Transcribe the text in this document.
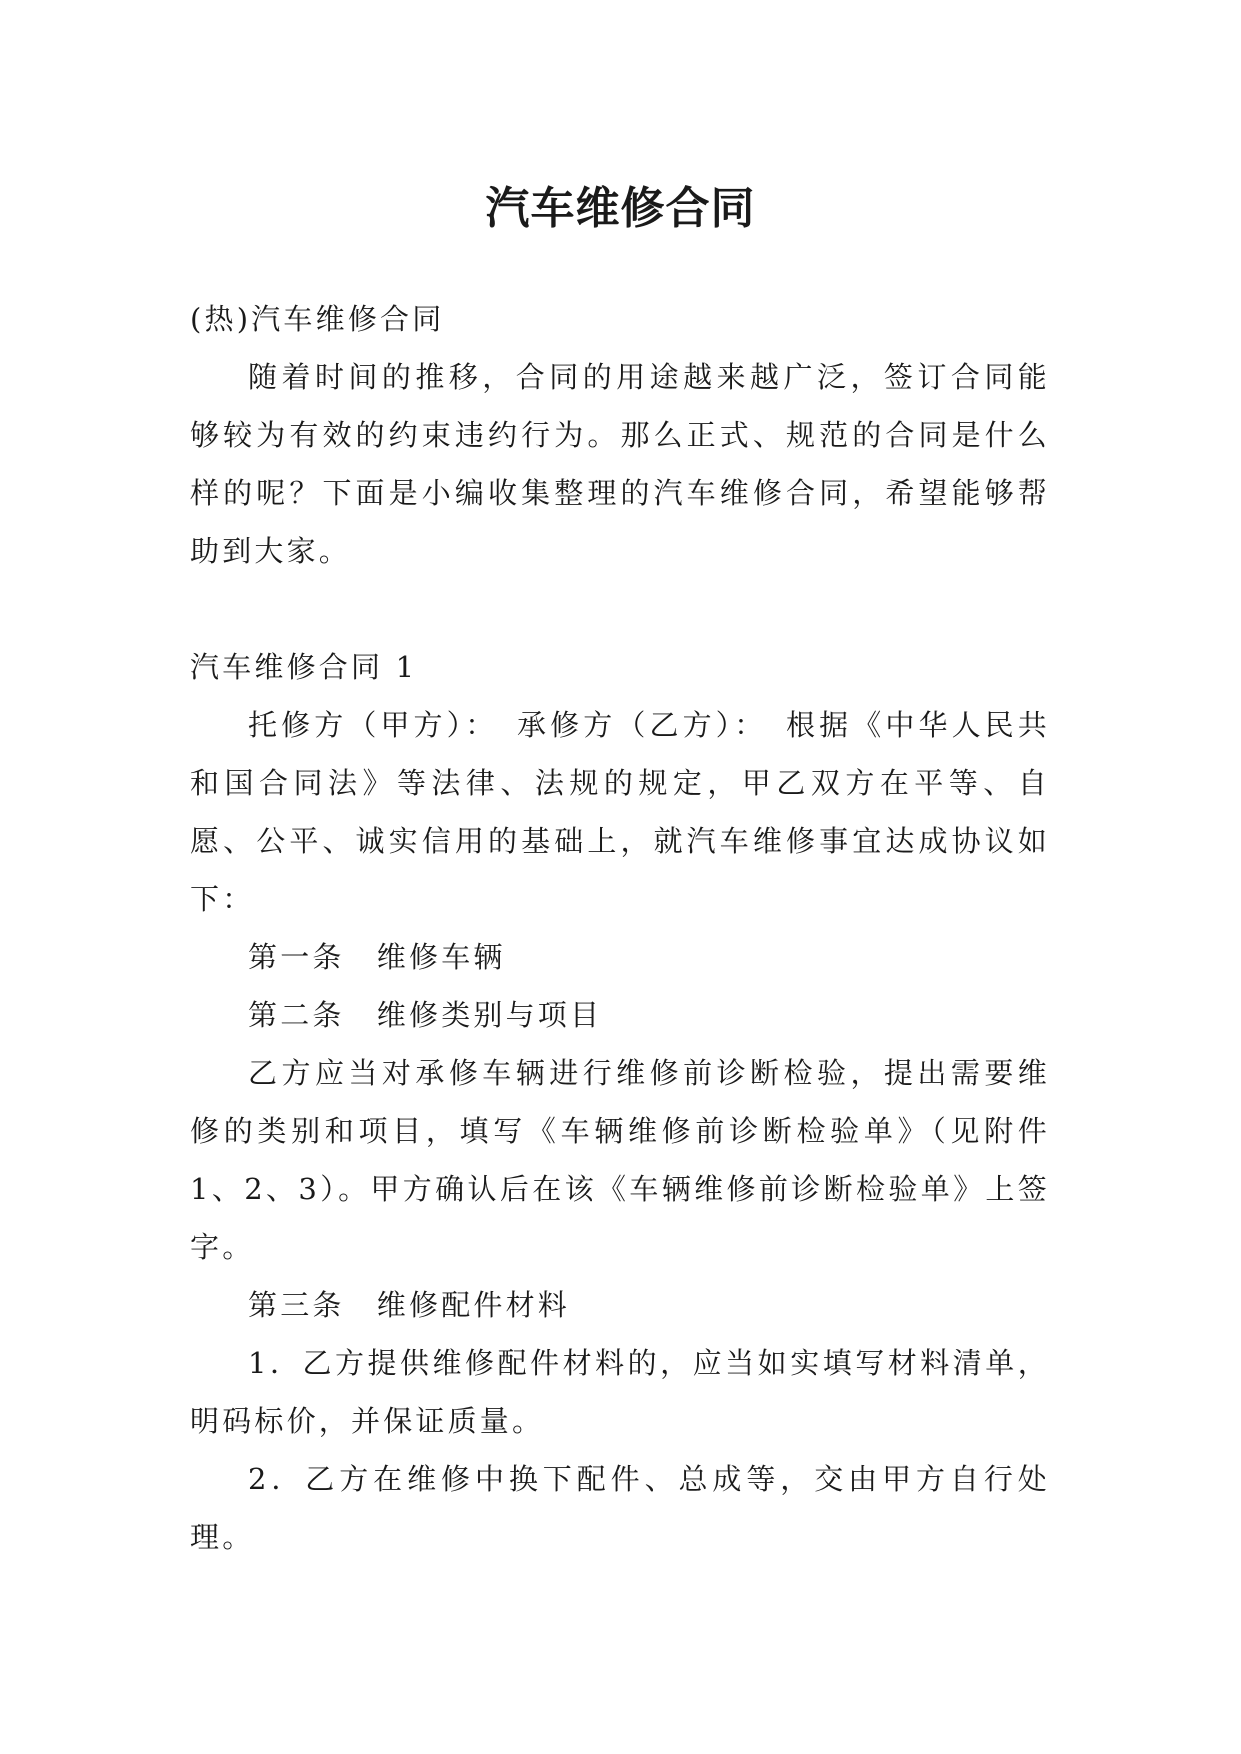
汽车维修合同

(热)汽车维修合同

随着时间的推移，合同的用途越来越广泛，签订合同能够较为有效的约束违约行为。那么正式、规范的合同是什么样的呢？下面是小编收集整理的汽车维修合同，希望能够帮助到大家。

汽车维修合同 1

托修方（甲方）：　承修方（乙方）：　根据《中华人民共和国合同法》等法律、法规的规定，甲乙双方在平等、自愿、公平、诚实信用的基础上，就汽车维修事宜达成协议如下：

第一条　维修车辆

第二条　维修类别与项目

乙方应当对承修车辆进行维修前诊断检验，提出需要维修的类别和项目，填写《车辆维修前诊断检验单》（见附件 1、2、3）。甲方确认后在该《车辆维修前诊断检验单》上签字。

第三条　维修配件材料

1．乙方提供维修配件材料的，应当如实填写材料清单，明码标价，并保证质量。

2．乙方在维修中换下配件、总成等，交由甲方自行处理。
